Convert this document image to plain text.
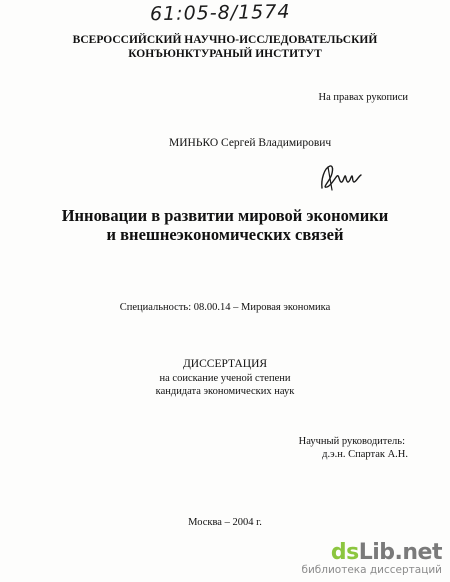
61:05-8/1574
ВСЕРОССИЙСКИЙ НАУЧНО-ИССЛЕДОВАТЕЛЬСКИЙ
КОНЪЮНКТУРАНЫЙ ИНСТИТУТ
На правах рукописи
МИНЬКО Сергей Владимирович
Инновации в развитии мировой экономики
и внешнеэкономических связей
Специальность: 08.00.14 – Мировая экономика
ДИССЕРТАЦИЯ
на соискание ученой степени
кандидата экономических наук
Научный руководитель:
д.э.н. Спартак А.Н.
Москва – 2004 г.
dsLib.net
библиотека диссертаций
